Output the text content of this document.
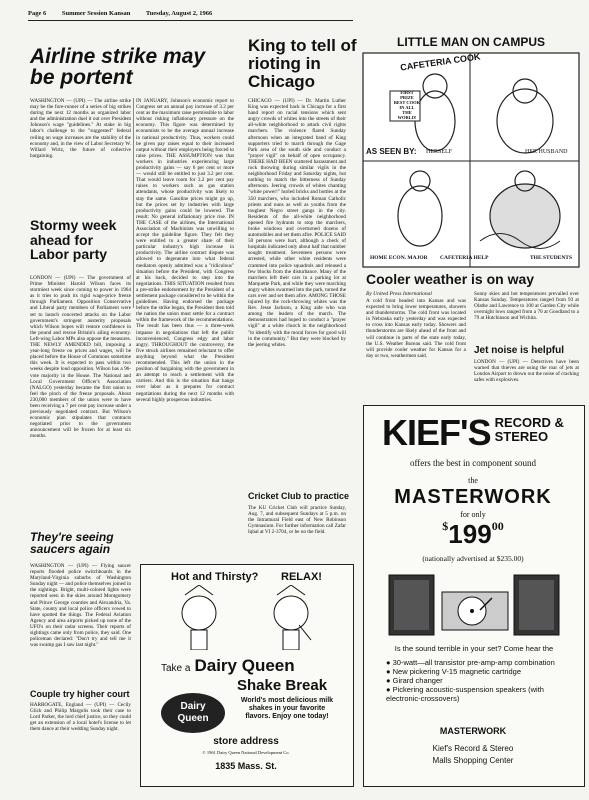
Page 6 Summer Session Kansan Tuesday, August 2, 1966
Airline strike may be portent
WASHINGTON — (UPI) — The airline strike may be the fore-runner of a series of big strikes during the next 12 months as organized labor and the administration duel it out over President Johnson's wage "guidelines." At stake in big labor's challenge to the "suggested" federal ceiling on wage increases are the stability of the economy and, in the view of Labor Secretary W. Willard Wirtz, the future of collective bargaining.
IN JANUARY, Johnson's economic report to Congress set an annual pay increase of 3.2 per cent as the maximum raise permissible to labor without risking inflationary pressure on the economy. This figure was determined by economists to be the average annual increase in national productivity. Thus, workers could be given pay raises equal to their increased output without their employers being forced to raise prices. THE ASSUMPTION was that workers in industries experiencing large productivity gains — say 6 per cent or more — would still be entitled to just 3.2 per cent. That would leave room for 3.2 per cent pay raises to workers such as gas station attendants, whose productivity was likely to stay the same. Gasoline prices might go up, but the prices set by industries with large productivity gains could be lowered. The result: No general inflationary price rise. IN THE CASE of the airlines, the International Association of Machinists was unwilling to accept the guideline figure. They felt they were entitled to a greater share of their particular industry's high increase in productivity. The airline contract dispute was allowed to degenerate into what federal mediators openly admitted was a "ridiculous" situation before the President, with Congress at his back, decided to step into the negotiations. THIS SITUATION resulted from a pre-strike endorsement by the President of a settlement package considered to be within the guidelines. Having endorsed the package before the strike began, the President then told the nation the union must settle for a contract within the framework of the recommendations. The result has been thus — a three-week impasse in negotiations that left the public inconvenienced, Congress edgy and labor angry. THROUGHOUT the controversy, the five struck airlines remained reluctant to offer anything beyond what the President recommended. This left the union in the position of bargaining with the government in an attempt to reach a settlement with the carriers. And this is the situation that hangs over labor as it prepares for contract negotiations during the next 12 months with several highly prosperous industries.
Stormy week ahead for Labor party
LONDON — (UPI) — The government of Prime Minister Harold Wilson faces its stormiest week since coming to power in 1964 as it tries to push its rigid wage-price freeze through Parliament. Opposition Conservative and Liberal party members of Parliament were set to launch concerted attacks on the Labor government's stringent austerity proposals which Wilson hopes will restore confidence in the pound and rescue Britain's ailing economy. Left-wing Labor MPs also oppose the measures. THE NEWLY AMENDED bill, imposing a year-long freeze on prices and wages, will be placed before the House of Commons sometime this week. It is expected to pass within two weeks despite loud opposition. Wilson has a 96-vote majority in the House. The National and Local Government Officer's Association (NALGO) yesterday became the first union to feel the pinch of the freeze proposals. About 230,000 members of the union were to have been receiving a 7 per cent pay increase under a previously negotiated contract. But Wilson's economic plan stipulates that contracts negotiated prior to the government announcement will be frozen for at least six months.
They're seeing saucers again
WASHINGTON — (UPI) — Flying saucer reports flooded police switchboards in the Maryland-Virginia suburbs of Washington Sunday night — and police themselves joined in the sightings. Bright, multi-colored lights were reported seen in the skies around Montgomery and Prince George counties and Alexandria, Va. State, county and local police officers vowed to have spotted the things. The Federal Aviation Agency and area airports picked up none of the UFO's on their radar screens. Their reports of sightings came only from police, they said. One policeman declared: "Don't try and tell me it was swamp gas I saw last night."
Couple try higher court
HARROGATE, England — (UPI) — Cecily Glick and Philip Margolis took their case to Lord Parker, the lord chief justice, so they could get an extension of a local hotel's license to let them dance at their wedding Sunday night.
King to tell of rioting in Chicago
CHICAGO — (UPI) — Dr. Martin Luther King was expected back in Chicago for a first hand report on racial tensions which sent angry crowds of whites into the streets of their all-white neighborhood to attack civil rights marchers. The violence flared Sunday afternoon when an integrated band of King supporters tried to march through the Gage Park area of the south side and conduct a "prayer vigil" on behalf of open occupancy. THERE HAD BEEN scattered harassment and rock throwing during similar vigils in the neighborhood Friday and Saturday nights, but nothing to match the bitterness of Sunday afternoon. Jeering crowds of whites chanting "white power!" hurled bricks and bottles at the 350 marchers, who included Roman Catholic priests and nuns as well as youths from the toughest Negro street gangs in the city. Residents of the all-white neighborhood opened fire hydrants to stop the marchers, broke windows and overturned dozens of automobiles and set them afire. POLICE SAID 50 persons were hurt, although a check of hospitals indicated only about half that number sought treatment. Seventeen persons were arrested, while other white residents were crammed into police squadrols and released a few blocks from the disturbance. Many of the marchers left their cars in a parking lot at Marquette Park, and while they were marching angry whites swarmed into the park, turned the cars over and set them afire. AMONG THOSE injured by the rock-throwing whites was the Rev. Jesse Jackson, a King aide who was among the leaders of the march. The demonstrators had hoped to conduct a "prayer vigil" at a white church in the neighborhood "to identify with the moral forces for good will in the community." But they were blocked by the jeering whites.
Cricket Club to practice
The KU Cricket Club will practice Sunday, Aug. 7, and subsequent Sundays at 5 p.m. on the Intramural Field east of New Robinson Gymnasium. For further information call Zafar Iqbal at VI 2-3704, or be on the field.
LITTLE MAN ON CAMPUS
CAFETERIA COOK
FIRST PRIZE
BEST COOK
IN ALL
THE WORLD!
AS SEEN BY: HERSELF	HER HUSBAND
HOME ECON. MAJOR CAFETERIA HELP	THE STUDENTS
Cooler weather is on way
By United Press International
A cold front headed into Kansas and was expected to bring lower temperatures, showers and thunderstorms. The cold front was located in Nebraska early yesterday and was expected to cross into Kansas early today. Showers and thunderstorms are likely ahead of the front and will continue in parts of the state early today, the U.S. Weather Bureau said. The cold front will provide cooler weather for Kansas for a day or two, weathermen said.
Sunny skies and hot temperatures prevailed over Kansas Sunday. Temperatures ranged from 93 at Olathe and Lawrence to 100 at Garden City while overnight lows ranged from a 70 at Goodland to a 79 at Hutchinson and Wichita.
Jet noise is helpful
LONDON — (UPI) — Detectives have been warned that thieves are using the roar of jets at London Airport to drown out the noise of cracking safes with explosives.
KIEF'S RECORD &
STEREO
offers the best in component sound
the
MASTERWORK
for only
$^{\$}199^{00}$
(nationally advertised at $235.00)
Is the sound terrible in your set? Come hear the
● 30-watt—all transistor pre-amp-amp combination
● New pickering V-15 magnetic cartridge
● Girard changer
● Pickering acoustic-suspension speakers (with electronic-crossovers)
MASTERWORK
Kief's Record & Stereo
Malls Shopping Center
Hot and Thirsty? RELAX!
Take a Dairy Queen
Shake Break
Dairy
Queen
World's most delicious milk shakes in your favorite flavors. Enjoy one today!
store address
© 1961 Dairy Queen National Development Co.
1835 Mass. St.
